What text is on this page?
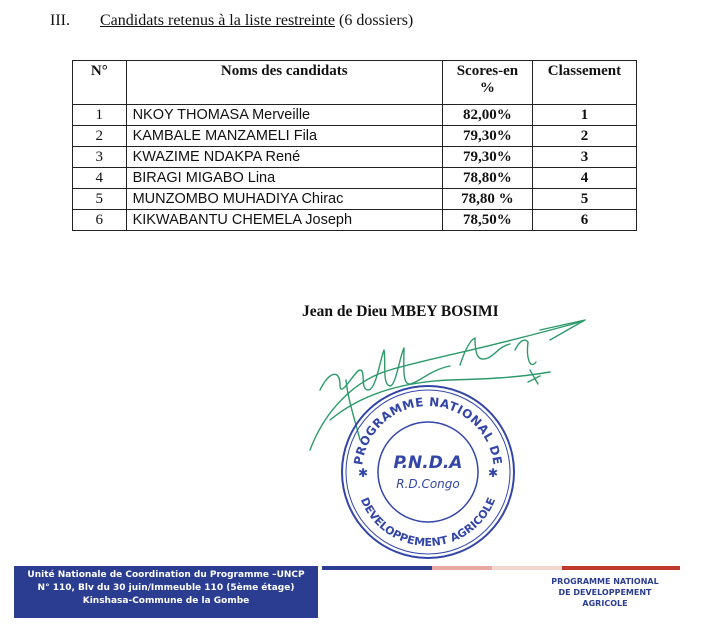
III. Candidats retenus à la liste restreinte (6 dossiers)
N°	Noms des candidats	Scores-en %	Classement
1	NKOY THOMASA Merveille	82,00%	1
2	KAMBALE MANZAMELI Fila	79,30%	2
3	KWAZIME NDAKPA René	79,30%	3
4	BIRAGI MIGABO Lina	78,80%	4
5	MUNZOMBO MUHADIYA Chirac	78,80 %	5
6	KIKWABANTU CHEMELA Joseph	78,50%	6
Jean de Dieu MBEY BOSIMI
PROGRAMME NATIONAL DE
DEVELOPPEMENT AGRICOLE
✱	✱
P.N.D.A
R.D.Congo
Unité Nationale de Coordination du Programme –UNCP
N° 110, Blv du 30 juin/Immeuble 110 (5ème étage)
Kinshasa-Commune de la Gombe
PROGRAMME NATIONAL
DE DEVELOPPEMENT
AGRICOLE
